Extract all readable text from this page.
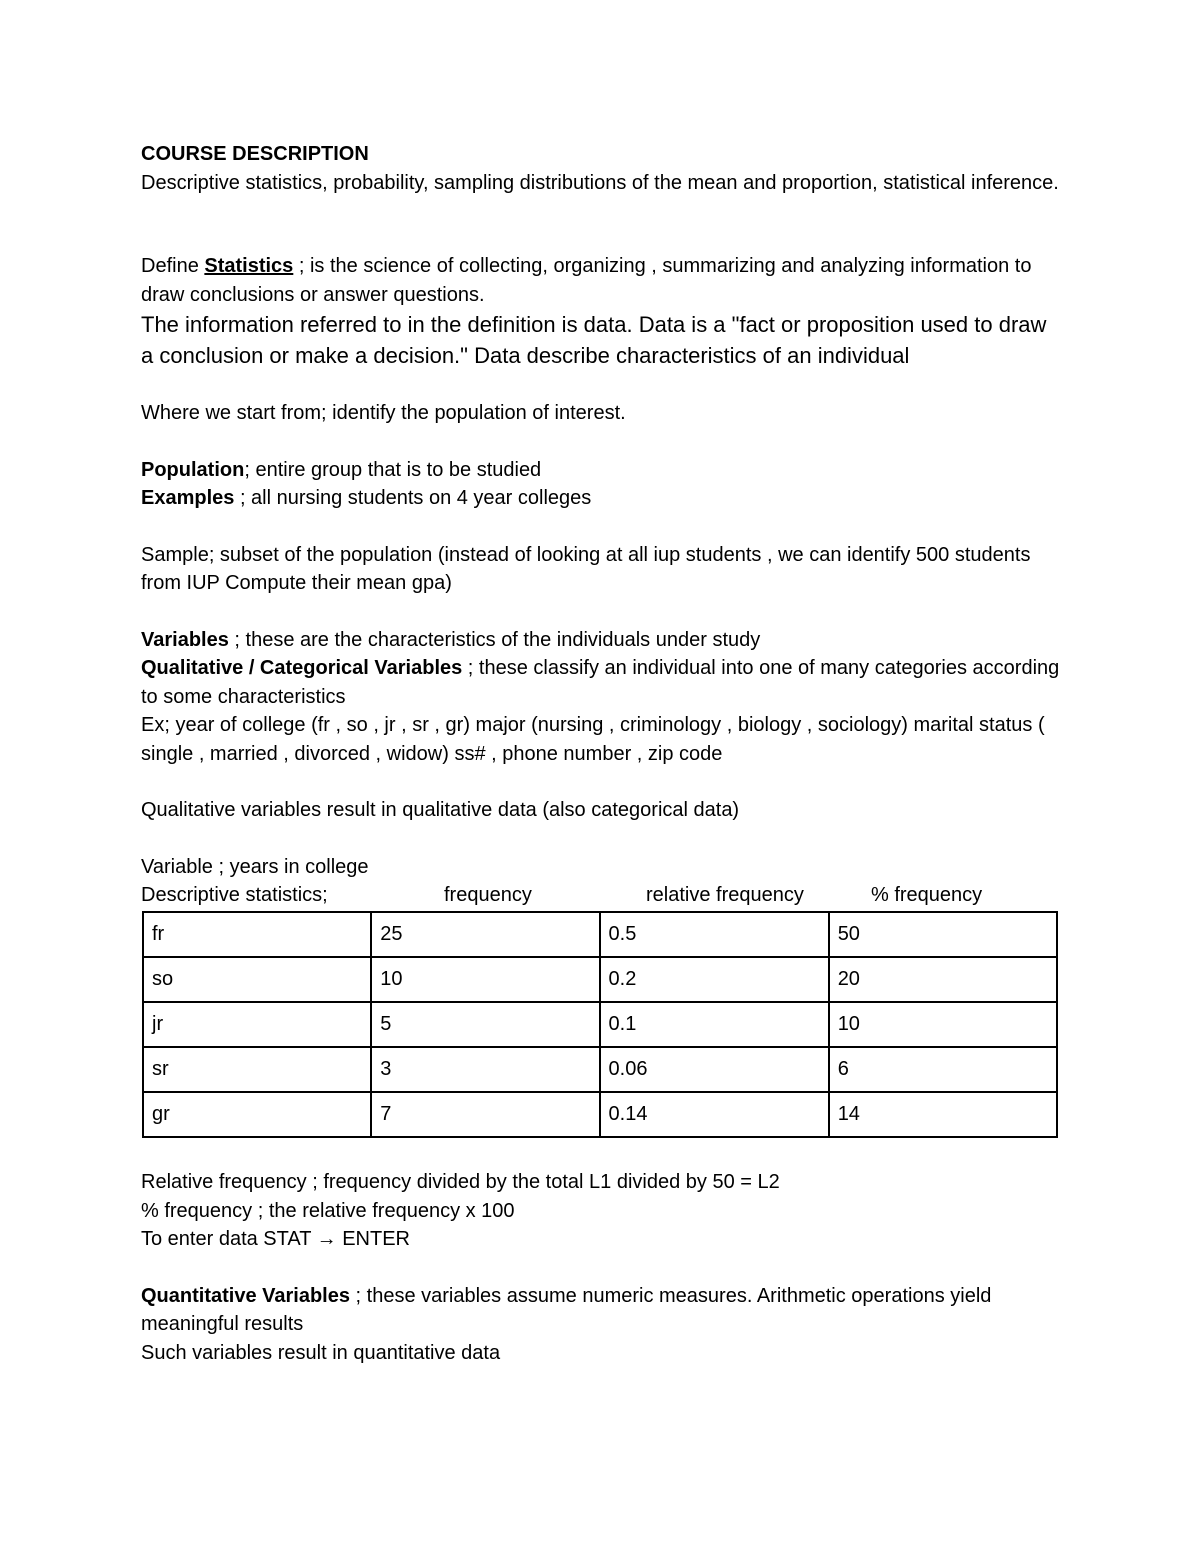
COURSE DESCRIPTION

Descriptive statistics, probability, sampling distributions of the mean and proportion, statistical inference.

Define Statistics ; is the science of collecting, organizing , summarizing and analyzing information to draw conclusions or answer questions.

The information referred to in the definition is data. Data is a "fact or proposition used to draw a conclusion or make a decision." Data describe characteristics of an individual

Where we start from; identify the population of interest.

Population; entire group that is to be studied

Examples ; all nursing students on 4 year colleges

Sample; subset of the population (instead of looking at all iup students , we can identify 500 students from IUP Compute their mean gpa)

Variables ; these are the characteristics of the individuals under study

Qualitative / Categorical Variables ; these classify an individual into one of many categories according to some characteristics

Ex; year of college (fr , so , jr , sr , gr) major (nursing , criminology , biology , sociology) marital status ( single , married , divorced , widow) ss# , phone number , zip code

Qualitative variables result in qualitative data (also categorical data)

Variable ; years in college

Descriptive statistics;	frequency	relative frequency	% frequency
fr	25	0.5	50
so	10	0.2	20
jr	5	0.1	10
sr	3	0.06	6
gr	7	0.14	14

Relative frequency ; frequency divided by the total L1 divided by 50 = L2

% frequency ; the relative frequency x 100

To enter data STAT → ENTER

Quantitative Variables ; these variables assume numeric measures. Arithmetic operations yield meaningful results

Such variables result in quantitative data
